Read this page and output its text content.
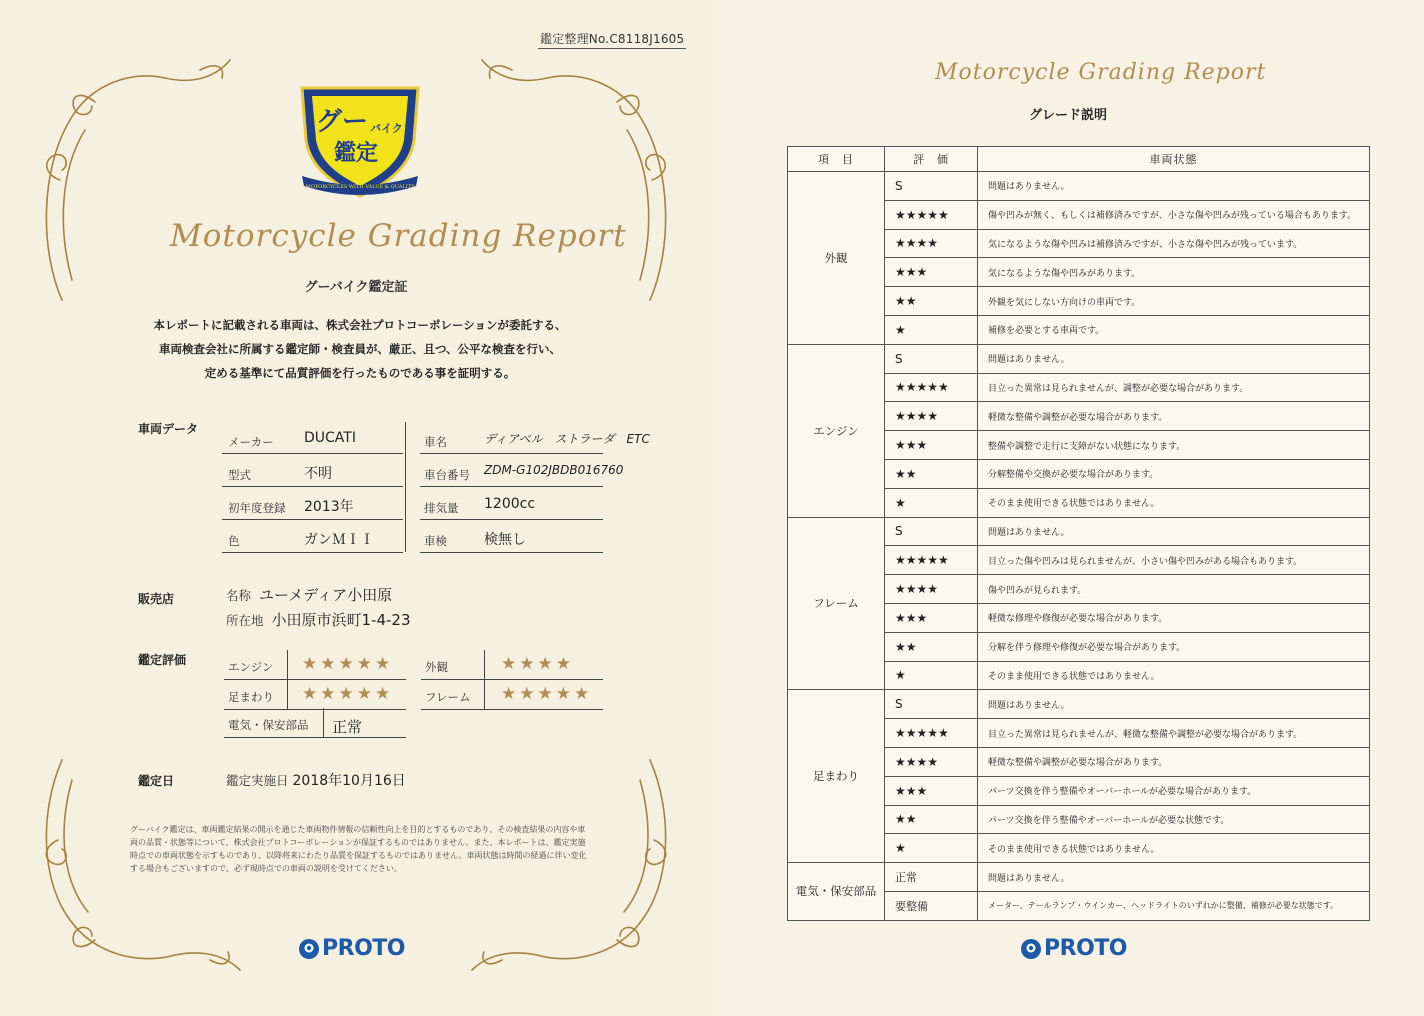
鑑定整理No.C8118J1605
グー バイク
鑑定
MOTORCYCLES WITH VALUE & QUALITY
Motorcycle Grading Report
グーバイク鑑定証
本レポートに記載される車両は、株式会社プロトコーポレーションが委託する、
車両検査会社に所属する鑑定師・検査員が、厳正、且つ、公平な検査を行い、
定める基準にて品質評価を行ったものである事を証明する。
車両データ
メーカー DUCATI	車名	ディアベル　ストラーダ　ETC
型式	不明	車台番号 ZDM-G102JBDB016760
初年度登録 2013年	排気量 1200cc
色	ガンＭＩＩ	車検	検無し
販売店	名称 ユーメディア小田原
所在地 小田原市浜町1-4-23
鑑定評価	エンジン ★★★★★	外観	★★★★
足まわり ★★★★★	フレーム ★★★★★
電気・保安部品 正常
鑑定日	鑑定実施日 2018年10月16日
グーバイク鑑定は、車両鑑定結果の開示を通じた車両物件情報の信頼性向上を目的とするものであり、その検査結果の内容や車両の品質・状態等について、株式会社プロトコーポレーションが保証するものではありません。また、本レポートは、鑑定実施時点での車両状態を示すものであり、以降将来にわたり品質を保証するものではありません。車両状態は時間の経過に伴い変化する場合もございますので、必ず現時点での車両の説明を受けてください。
PROTO
Motorcycle Grading Report
グレード説明
項　目	評　価	車両状態
外観	S	問題はありません。
	★★★★★	傷や凹みが無く、もしくは補修済みですが、小さな傷や凹みが残っている場合もあります。
	★★★★	気になるような傷や凹みは補修済みですが、小さな傷や凹みが残っています。
	★★★	気になるような傷や凹みがあります。
	★★	外観を気にしない方向けの車両です。
	★	補修を必要とする車両です。
エンジン	S	問題はありません。
	★★★★★	目立った異常は見られませんが、調整が必要な場合があります。
	★★★★	軽微な整備や調整が必要な場合があります。
	★★★	整備や調整で走行に支障がない状態になります。
	★★	分解整備や交換が必要な場合があります。
	★	そのまま使用できる状態ではありません。
フレーム	S	問題はありません。
	★★★★★	目立った傷や凹みは見られませんが、小さい傷や凹みがある場合もあります。
	★★★★	傷や凹みが見られます。
	★★★	軽微な修理や修復が必要な場合があります。
	★★	分解を伴う修理や修復が必要な場合があります。
	★	そのまま使用できる状態ではありません。
足まわり	S	問題はありません。
	★★★★★	目立った異常は見られませんが、軽微な整備や調整が必要な場合があります。
	★★★★	軽微な整備や調整が必要な場合があります。
	★★★	パーツ交換を伴う整備やオーバーホールが必要な場合があります。
	★★	パーツ交換を伴う整備やオーバーホールが必要な状態です。
	★	そのまま使用できる状態ではありません。
電気・保安部品	正常	問題はありません。
	要整備	メーター、テールランプ・ウインカー、ヘッドライトのいずれかに整備、補修が必要な状態です。
PROTO
